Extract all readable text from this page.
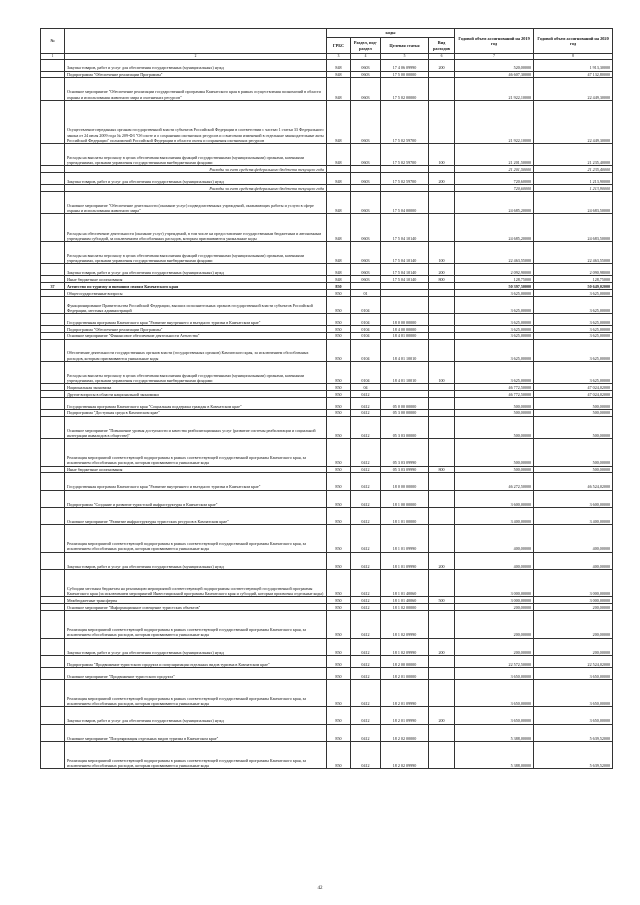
№		коды				Годовой объем ассигнований на 2019 год	Годовой объем ассигнований на 2020 год
		ГРБС	Раздел, под-раздел	Целевая статья	Вид расходов		
1	2	3	4	5	6	7	8
	Закупка товаров, работ и услуг для обеспечения государственных (муниципальных) нужд	848	0603	17 4 06 09990	200	520,00000	1 913,30000
	Подпрограмма "Обеспечение реализации Программы"	848	0603	17 5 00 00000		46 607,30000	47 132,80000
	Основное мероприятие "Обеспечение реализации государственной программы Камчатского края в рамках осуществления полномочий в области охраны и использования животного мира и охотничьих ресурсов"	848	0603	17 5 02 00000		21 922,10000	22 449,30000
	Осуществление переданных органам государственной власти субъектов Российской Федерации в соответствии с частью 1 статьи 33 Федерального закона от 24 июля 2009 года № 209-ФЗ "Об охоте и о сохранении охотничьих ресурсов и о внесении изменений в отдельные законодательные акты Российской Федерации" полномочий Российской Федерации в области охоты и сохранения охотничьих ресурсов	848	0603	17 5 02 59700		21 922,10000	22 449,30000
	Расходы на выплаты персоналу в целях обеспечения выполнения функций государственными (муниципальными) органами, казенными учреждениями, органами управления государственными внебюджетными фондами	848	0603	17 5 02 59700	100	21 201,50000	21 235,40000
	Расходы за счет средств федерального бюджета текущего года					21 201,50000	21 235,40000
	Закупка товаров, работ и услуг для обеспечения государственных (муниципальных) нужд	848	0603	17 5 02 59700	200	720,60000	1 213,90000
	Расходы за счет средств федерального бюджета текущего года					720,60000	1 213,90000
	Основное мероприятие "Обеспечение деятельности (оказание услуг) подведомственных учреждений, оказывающих работы и услуги в сфере охраны и использования животного мира"	848	0603	17 5 04 00000		24 685,20000	24 683,50000
	Расходы на обеспечение деятельности (оказание услуг) учреждений, в том числе на предоставление государственным бюджетным и автономным учреждениям субсидий, за исключением обособленных расходов, которым присваиваются уникальные коды	848	0603	17 5 04 10140		24 685,20000	24 683,50000
	Расходы на выплаты персоналу в целях обеспечения выполнения функций государственными (муниципальными) органами, казенными учреждениями, органами управления государственными внебюджетными фондами	848	0603	17 5 04 10140	100	22 463,55000	22 463,55000
	Закупка товаров, работ и услуг для обеспечения государственных (муниципальных) нужд	848	0603	17 5 04 10140	200	2 092,90000	2 090,98000
	Иные бюджетные ассигнования	848	0603	17 5 04 10140	800	128,75000	128,75000
37	Агентство по туризму и внешним связям Камчатского края	850				50 397,50000	50 649,02000
	Общегосударственные вопросы	850	01			3 625,00000	3 625,00000
	Функционирование Правительства Российской Федерации, высших исполнительных органов государственной власти субъектов Российской Федерации, местных администраций	850	0104			3 625,00000	3 625,00000
	Государственная программа Камчатского края "Развитие внутреннего и въездного туризма в Камчатском крае"	850	0104	18 0 00 00000		3 625,00000	3 625,00000
	Подпрограмма "Обеспечение реализации Программы"	850	0104	18 4 00 00000		3 625,00000	3 625,00000
	Основное мероприятие "Финансовое обеспечение деятельности Агентства"	850	0104	18 4 01 00000		3 625,00000	3 625,00000
	Обеспечение деятельности государственных органов власти (государственных органов) Камчатского края, за исключением обособленных расходов, которым присваиваются уникальные коды	850	0104	18 4 01 10010		3 625,00000	3 625,00000
	Расходы на выплаты персоналу в целях обеспечения выполнения функций государственными (муниципальными) органами, казенными учреждениями, органами управления государственными внебюджетными фондами	850	0104	18 4 01 10010	100	3 625,00000	3 625,00000
	Национальная экономика	850	04			46 772,50000	47 024,02000
	Другие вопросы в области национальной экономики	850	0412			46 772,50000	47 024,02000
	Государственная программа Камчатского края "Социальная поддержка граждан в Камчатском крае"	850	0412	05 0 00 00000		500,00000	500,00000
	Подпрограмма "Доступная среда в Камчатском крае"	850	0412	05 3 00 00000		500,00000	500,00000
	Основное мероприятие "Повышение уровня доступности и качества реабилитационных услуг (развитие системы реабилитации и социальной интеграции инвалидов в обществе)"	850	0412	05 3 03 00000		500,00000	500,00000
	Реализация мероприятий соответствующей подпрограммы в рамках соответствующей государственной программы Камчатского края, за исключением обособленных расходов, которым присваиваются уникальные коды	850	0412	05 3 03 09990		500,00000	500,00000
	Иные бюджетные ассигнования	850	0412	05 3 03 09990	800	500,00000	500,00000
	Государственная программа Камчатского края "Развитие внутреннего и въездного туризма в Камчатском крае"	850	0412	18 0 00 00000		46 272,50000	46 524,02000
	Подпрограмма "Создание и развитие туристской инфраструктуры в Камчатском крае"	850	0412	18 1 00 00000		3 600,00000	3 600,00000
	Основное мероприятие "Развитие инфраструктуры туристских ресурсов в Камчатском крае"	850	0412	18 1 01 00000		3 400,00000	3 400,00000
	Реализация мероприятий соответствующей подпрограммы в рамках соответствующей государственной программы Камчатского края, за исключением обособленных расходов, которым присваиваются уникальные коды	850	0412	18 1 01 09990		400,00000	400,00000
	Закупка товаров, работ и услуг для обеспечения государственных (муниципальных) нужд	850	0412	18 1 01 09990	200	400,00000	400,00000
	Субсидии местным бюджетам на реализацию мероприятий соответствующей подпрограммы соответствующей государственной программы Камчатского края (за исключением мероприятий Инвестиционной программы Камчатского края и субсидий, которым присвоены отдельные коды)	850	0412	18 1 01 40060		3 000,00000	3 000,00000
	Межбюджетные трансферты	850	0412	18 1 01 40060	500	3 000,00000	3 000,00000
	Основное мероприятие "Информационное освещение туристских объектов"	850	0412	18 1 02 00000		200,00000	200,00000
	Реализация мероприятий соответствующей подпрограммы в рамках соответствующей государственной программы Камчатского края, за исключением обособленных расходов, которым присваиваются уникальные коды	850	0412	18 1 02 09990		200,00000	200,00000
	Закупка товаров, работ и услуг для обеспечения государственных (муниципальных) нужд	850	0412	18 1 02 09990	200	200,00000	200,00000
	Подпрограмма "Продвижение туристского продукта и популяризация отдельных видов туризма в Камчатском крае"	850	0412	18 2 00 00000		22 572,50000	22 524,02000
	Основное мероприятие "Продвижение туристского продукта"	850	0412	18 2 01 00000		3 650,00000	3 650,00000
	Реализация мероприятий соответствующей подпрограммы в рамках соответствующей государственной программы Камчатского края, за исключением обособленных расходов, которым присваиваются уникальные коды	850	0412	18 2 01 09990		3 650,00000	3 650,00000
	Закупка товаров, работ и услуг для обеспечения государственных (муниципальных) нужд	850	0412	18 2 01 09990	200	3 650,00000	3 650,00000
	Основное мероприятие "Популяризация отдельных видов туризма в Камчатском крае"	850	0412	18 2 02 00000		5 388,00000	5 639,52000
	Реализация мероприятий соответствующей подпрограммы в рамках соответствующей государственной программы Камчатского края, за исключением обособленных расходов, которым присваиваются уникальные коды	850	0412	18 2 02 09990		5 388,00000	5 639,52000
42
